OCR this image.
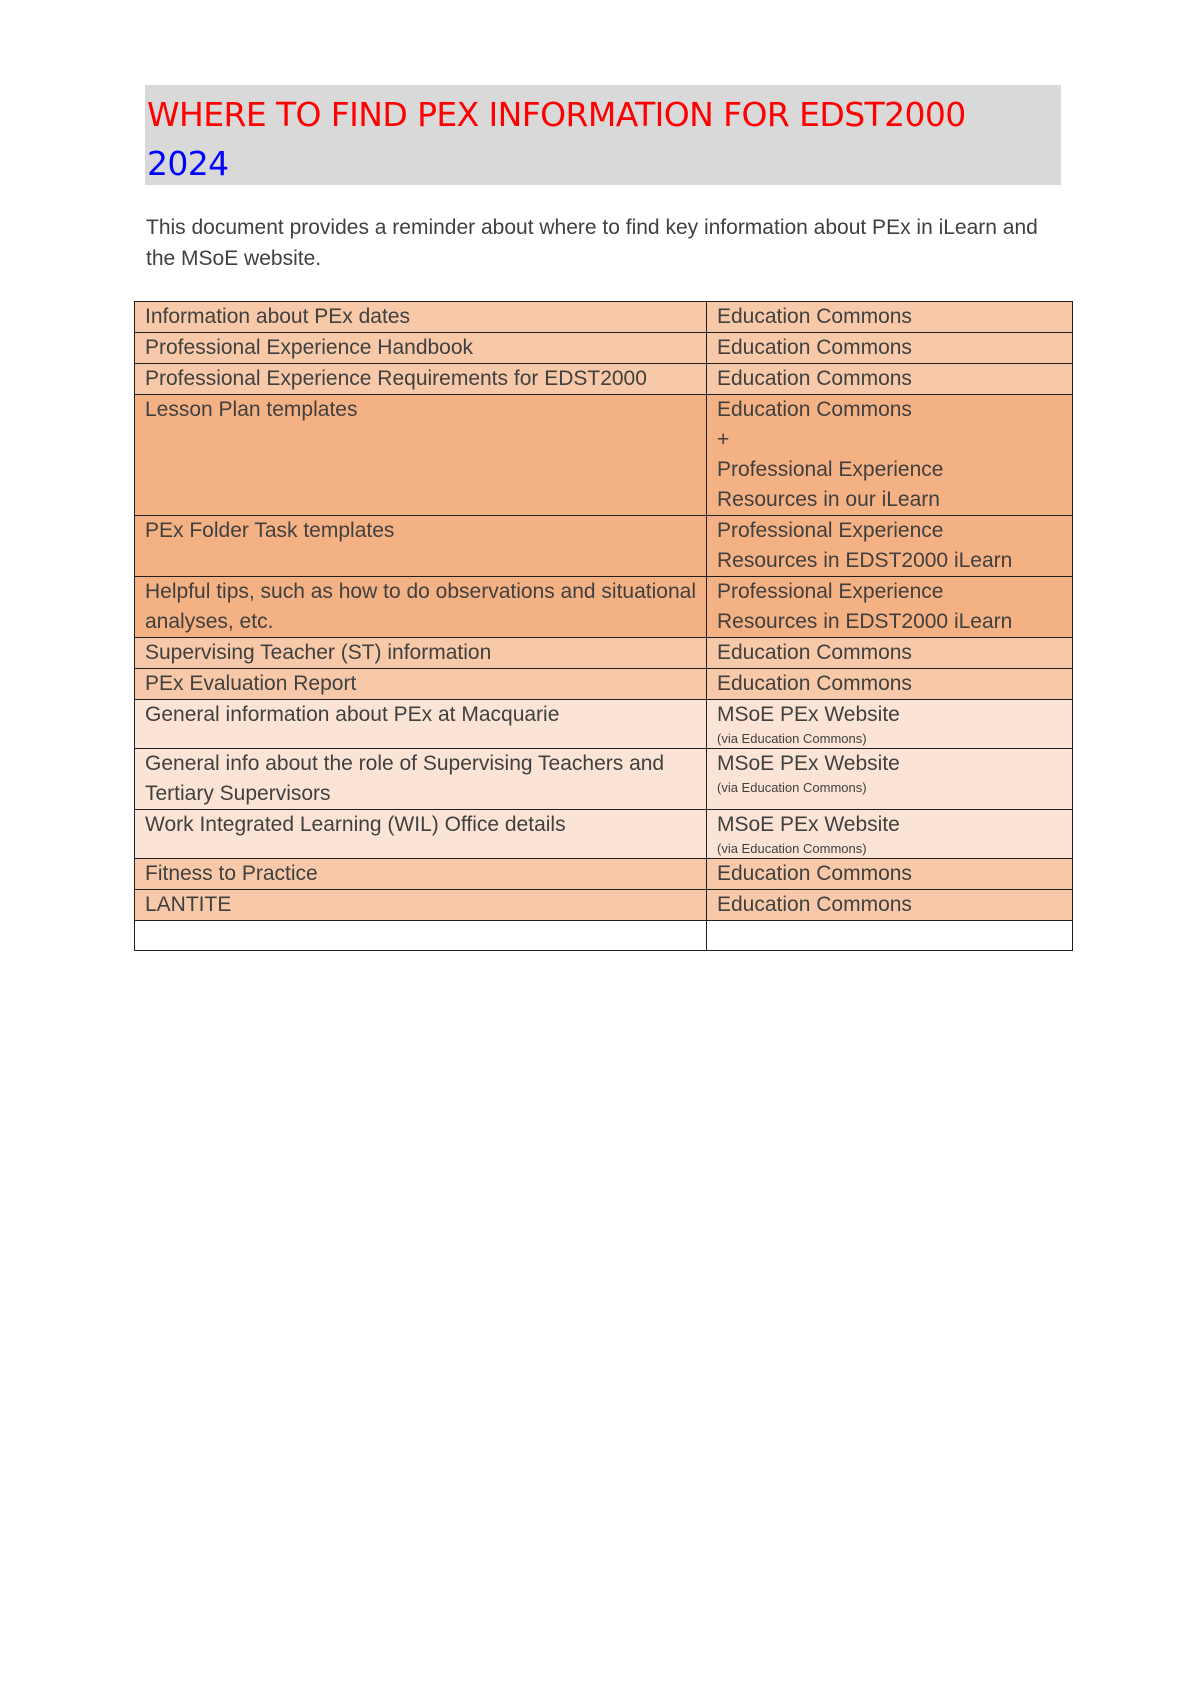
WHERE TO FIND PEX INFORMATION FOR EDST2000
2024
This document provides a reminder about where to find key information about PEx in iLearn and the MSoE website.
Information about PEx dates	Education Commons

Professional Experience Handbook	Education Commons

Professional Experience Requirements for EDST2000	Education Commons

Lesson Plan templates	Education Commons
+
Professional Experience
Resources in our iLearn

PEx Folder Task templates	Professional Experience
Resources in EDST2000 iLearn

Helpful tips, such as how to do observations and situational analyses, etc.	Professional Experience
Resources in EDST2000 iLearn

Supervising Teacher (ST) information	Education Commons

PEx Evaluation Report	Education Commons

General information about PEx at Macquarie	MSoE PEx Website
(via Education Commons)

General info about the role of Supervising Teachers and Tertiary Supervisors	MSoE PEx Website
(via Education Commons)

Work Integrated Learning (WIL) Office details	MSoE PEx Website
(via Education Commons)

Fitness to Practice	Education Commons

LANTITE	Education Commons
